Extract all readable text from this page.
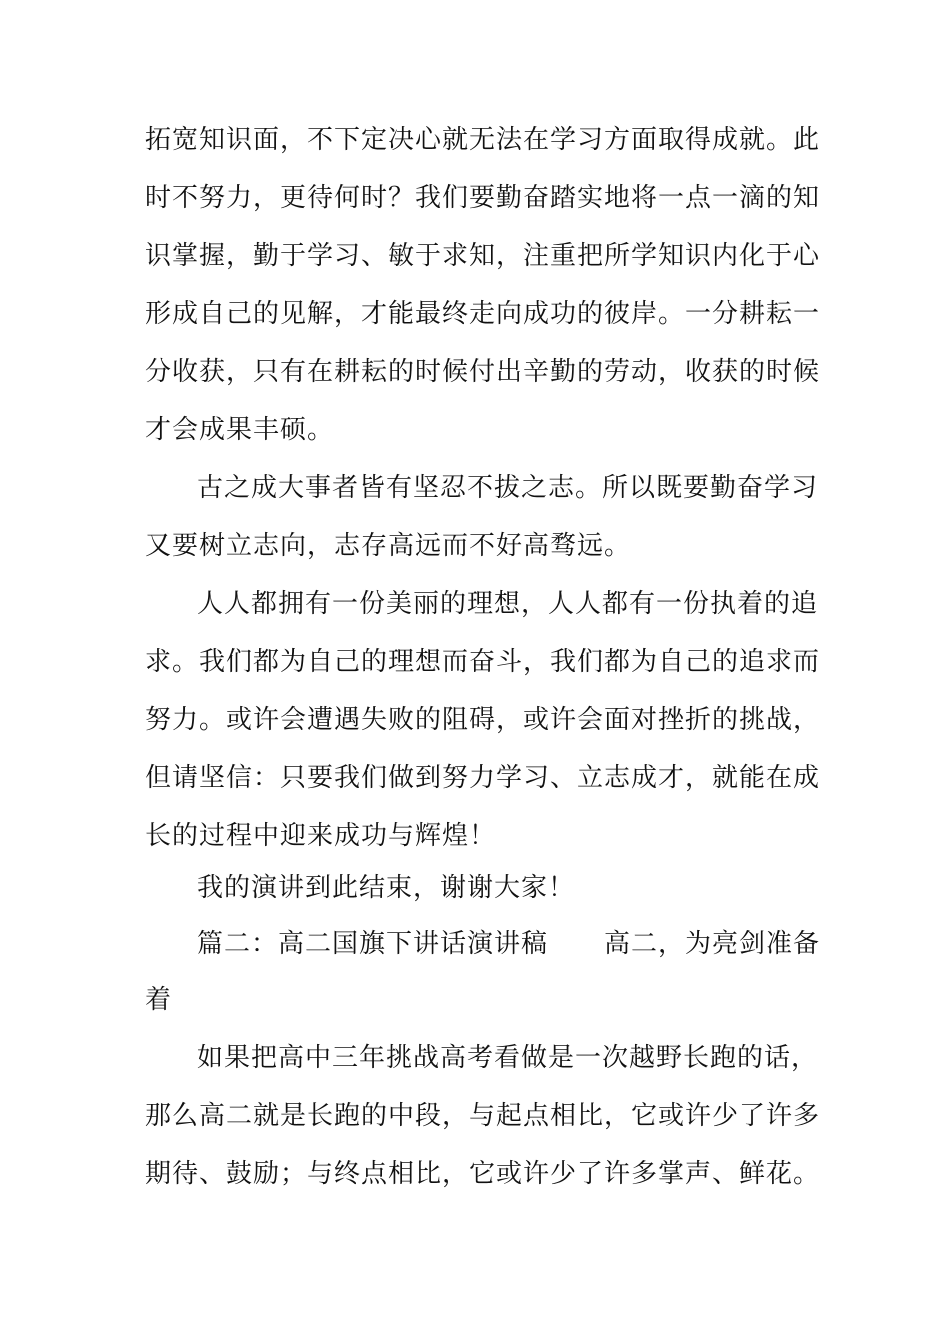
拓宽知识面，不下定决心就无法在学习方面取得成就。此
时不努力，更待何时？我们要勤奋踏实地将一点一滴的知
识掌握，勤于学习、敏于求知，注重把所学知识内化于心
形成自己的见解，才能最终走向成功的彼岸。一分耕耘一
分收获，只有在耕耘的时候付出辛勤的劳动，收获的时候
才会成果丰硕。
古之成大事者皆有坚忍不拔之志。所以既要勤奋学习
又要树立志向，志存高远而不好高骛远。
人人都拥有一份美丽的理想，人人都有一份执着的追
求。我们都为自己的理想而奋斗，我们都为自己的追求而
努力。或许会遭遇失败的阻碍，或许会面对挫折的挑战，
但请坚信：只要我们做到努力学习、立志成才，就能在成
长的过程中迎来成功与辉煌！
我的演讲到此结束，谢谢大家！
篇二：高二国旗下讲话演讲稿 高二，为亮剑准备
着
如果把高中三年挑战高考看做是一次越野长跑的话，
那么高二就是长跑的中段，与起点相比，它或许少了许多
期待、鼓励；与终点相比，它或许少了许多掌声、鲜花。
